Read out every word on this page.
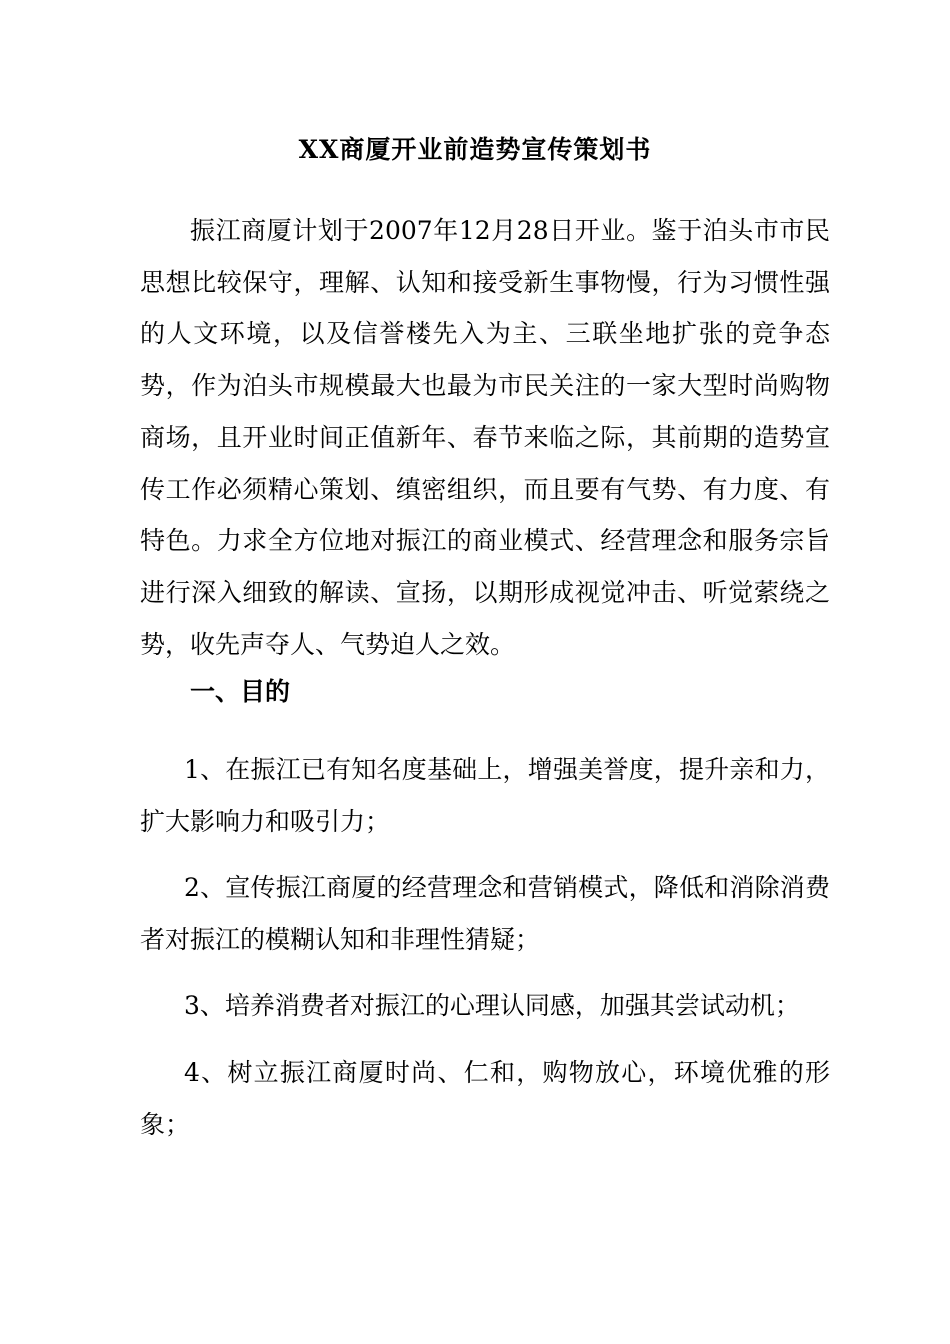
XX商厦开业前造势宣传策划书

振江商厦计划于2007年12月28日开业。鉴于泊头市市民思想比较保守，理解、认知和接受新生事物慢，行为习惯性强的人文环境，以及信誉楼先入为主、三联坐地扩张的竞争态势，作为泊头市规模最大也最为市民关注的一家大型时尚购物商场，且开业时间正值新年、春节来临之际，其前期的造势宣传工作必须精心策划、缜密组织，而且要有气势、有力度、有特色。力求全方位地对振江的商业模式、经营理念和服务宗旨进行深入细致的解读、宣扬，以期形成视觉冲击、听觉萦绕之势，收先声夺人、气势迫人之效。

一、目的

1、在振江已有知名度基础上，增强美誉度，提升亲和力，扩大影响力和吸引力；

2、宣传振江商厦的经营理念和营销模式，降低和消除消费者对振江的模糊认知和非理性猜疑；

3、培养消费者对振江的心理认同感，加强其尝试动机；

4、树立振江商厦时尚、仁和，购物放心，环境优雅的形象；
